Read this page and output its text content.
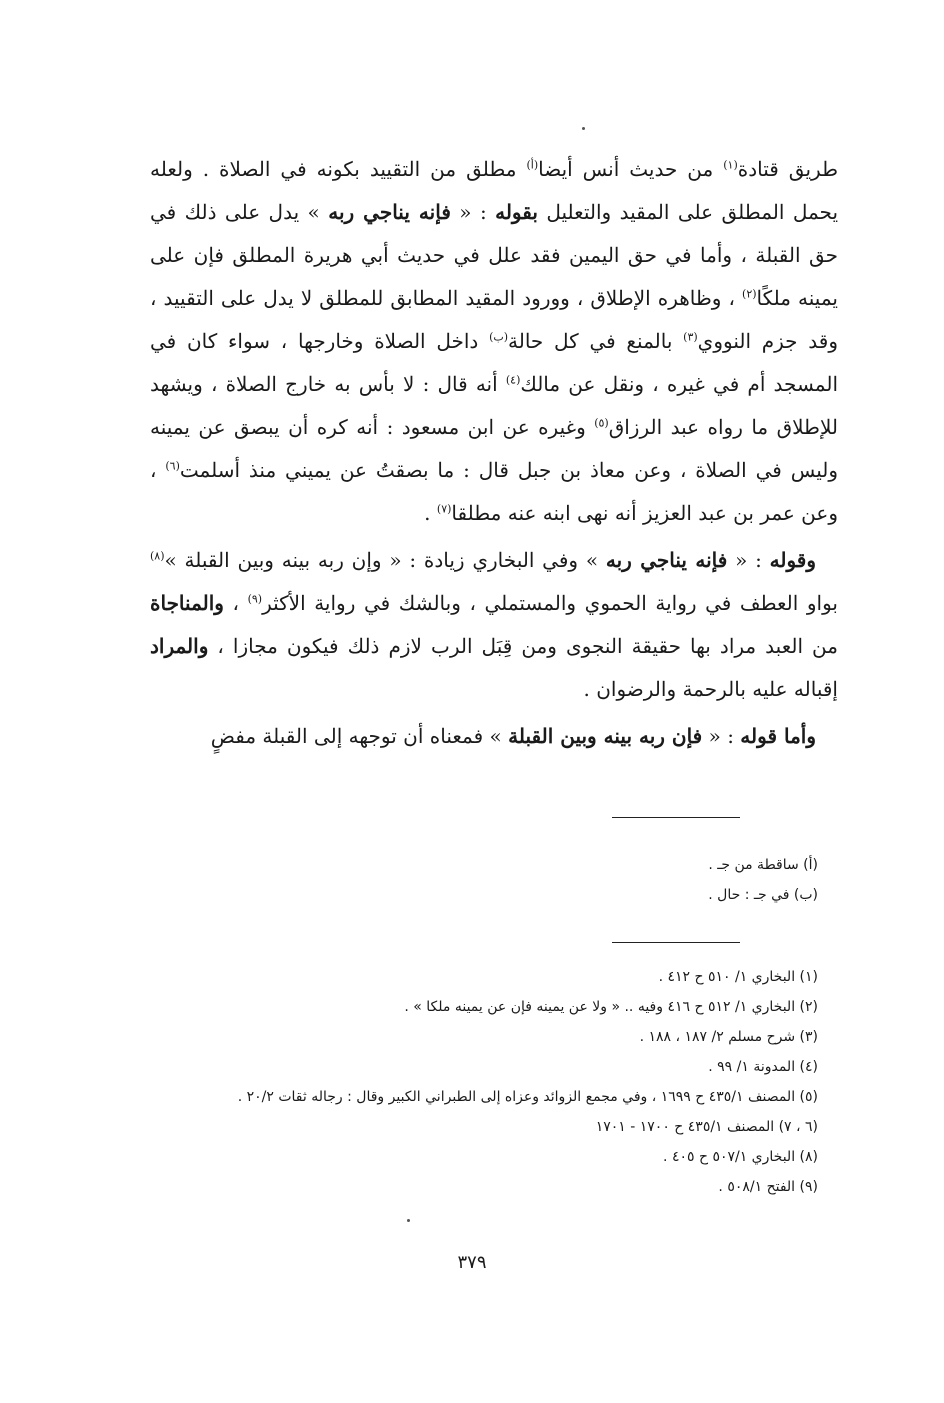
طريق قتادة$^{(١)}$ من حديث أنس أيضا$^{(أ)}$ مطلق من التقييد بكونه في الصلاة . ولعله يحمل المطلق على المقيد والتعليل بقوله : « فإنه يناجي ربه » يدل على ذلك في حق القبلة ، وأما في حق اليمين فقد علل في حديث أبي هريرة المطلق فإن على يمينه ملكًا$^{(٢)}$ ، وظاهره الإطلاق ، وورود المقيد المطابق للمطلق لا يدل على التقييد ، وقد جزم النووي$^{(٣)}$ بالمنع في كل حالة$^{(ب)}$ داخل الصلاة وخارجها ، سواء كان في المسجد أم في غيره ، ونقل عن مالك$^{(٤)}$ أنه قال : لا بأس به خارج الصلاة ، ويشهد للإطلاق ما رواه عبد الرزاق$^{(٥)}$ وغيره عن ابن مسعود : أنه كره أن يبصق عن يمينه وليس في الصلاة ، وعن معاذ بن جبل قال : ما بصقتُ عن يميني منذ أسلمت$^{(٦)}$ ، وعن عمر بن عبد العزيز أنه نهى ابنه عنه مطلقا$^{(٧)}$ .

وقوله : « فإنه يناجي ربه » وفي البخاري زيادة : « وإن ربه بينه وبين القبلة »$^{(٨)}$ بواو العطف في رواية الحموي والمستملي ، وبالشك في رواية الأكثر$^{(٩)}$ ، والمناجاة من العبد مراد بها حقيقة النجوى ومن قِبَل الرب لازم ذلك فيكون مجازا ، والمراد إقباله عليه بالرحمة والرضوان .

وأما قوله : « فإن ربه بينه وبين القبلة » فمعناه أن توجهه إلى القبلة مفضٍ

(أ) ساقطة من جـ .
(ب) في جـ : حال .
(١) البخاري ١/ ٥١٠ ح ٤١٢ .
(٢) البخاري ١/ ٥١٢ ح ٤١٦ وفيه .. « ولا عن يمينه فإن عن يمينه ملكا » .
(٣) شرح مسلم ٢/ ١٨٧ ، ١٨٨ .
(٤) المدونة ١/ ٩٩ .
(٥) المصنف ٤٣٥/١ ح ١٦٩٩ ، وفي مجمع الزوائد وعزاه إلى الطبراني الكبير وقال : رجاله ثقات ٢٠/٢ .
(٦ ، ٧) المصنف ٤٣٥/١ ح ١٧٠٠ - ١٧٠١
(٨) البخاري ٥٠٧/١ ح ٤٠٥ .
(٩) الفتح ٥٠٨/١ .
٣٧٩
